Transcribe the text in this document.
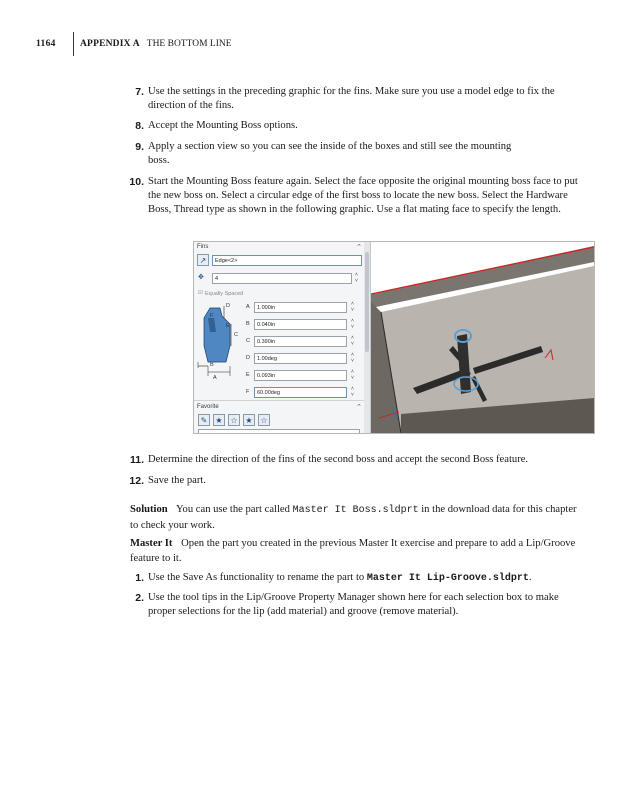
1164	APPENDIX A THE BOTTOM LINE
7. Use the settings in the preceding graphic for the fins. Make sure you use a model edge to fix the direction of the fins.
8. Accept the Mounting Boss options.
9. Apply a section view so you can see the inside of the boxes and still see the mounting boss.
10. Start the Mounting Boss feature again. Select the face opposite the original mounting boss face to put the new boss on. Select a circular edge of the first boss to locate the new boss. Select the Hardware Boss, Thread type as shown in the following graphic. Use a flat mating face to specify the length.
Fins	⌃
↗	Edge<2>
✥	4
˄
˅
☑ Equally Spaced
D
F
E
C
B
A
A	1.000in
˄
˅
B	0.040in
˄
˅
C	0.390in
˄
˅
D	1.00deg
˄
˅
E	0.093in
˄
˅
F	60.00deg
˄
˅
Favorite	⌃
✎	★ ☆ ★ ☆
11. Determine the direction of the fins of the second boss and accept the second Boss feature.
12. Save the part.
Solution You can use the part called Master It Boss.sldprt in the download data for this chapter to check your work.
Master It Open the part you created in the previous Master It exercise and prepare to add a Lip/Groove feature to it.
1. Use the Save As functionality to rename the part to Master It Lip-Groove.sldprt.
2. Use the tool tips in the Lip/Groove Property Manager shown here for each selection box to make proper selections for the lip (add material) and groove (remove material).
